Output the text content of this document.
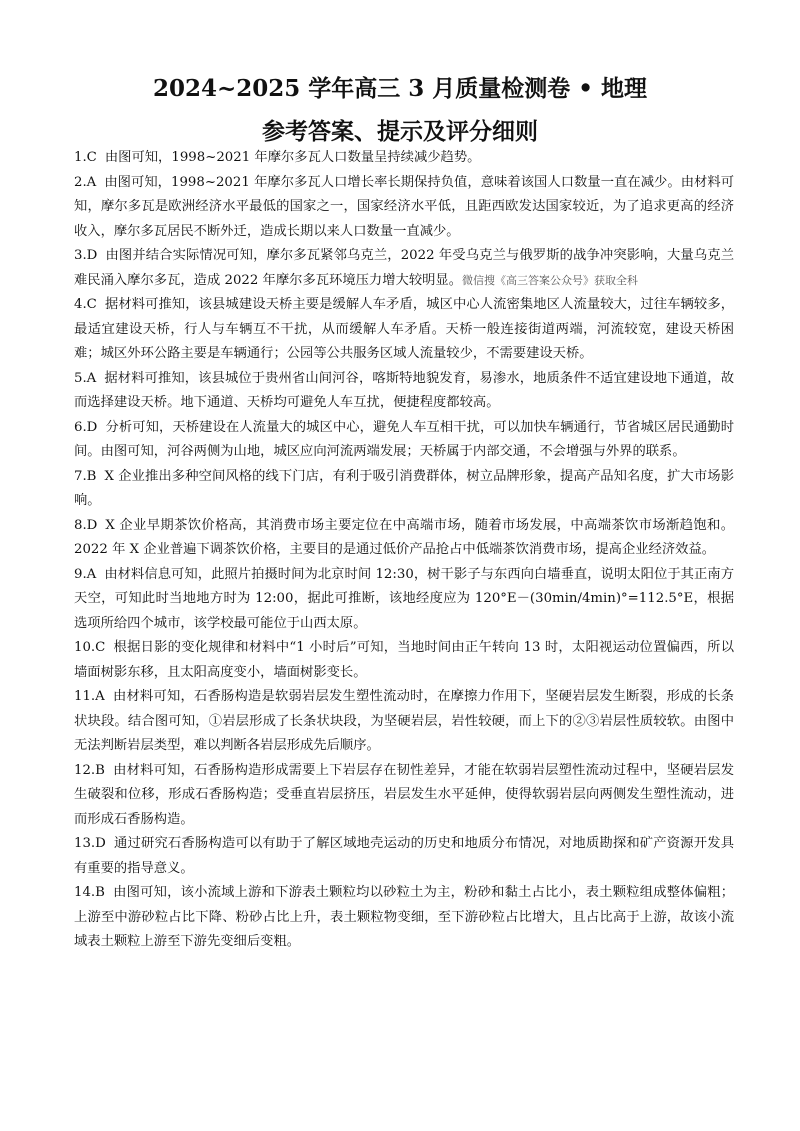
2024~2025 学年高三 3 月质量检测卷 • 地理
参考答案、提示及评分细则
1.C 由图可知，1998~2021 年摩尔多瓦人口数量呈持续减少趋势。
2.A 由图可知，1998~2021 年摩尔多瓦人口增长率长期保持负值，意味着该国人口数量一直在减少。由材料可知，摩尔多瓦是欧洲经济水平最低的国家之一，国家经济水平低，且距西欧发达国家较近，为了追求更高的经济收入，摩尔多瓦居民不断外迁，造成长期以来人口数量一直减少。
3.D 由图并结合实际情况可知，摩尔多瓦紧邻乌克兰，2022 年受乌克兰与俄罗斯的战争冲突影响，大量乌克兰难民涌入摩尔多瓦，造成 2022 年摩尔多瓦环境压力增大较明显。微信搜《高三答案公众号》获取全科
4.C 据材料可推知，该县城建设天桥主要是缓解人车矛盾，城区中心人流密集地区人流量较大，过往车辆较多，最适宜建设天桥，行人与车辆互不干扰，从而缓解人车矛盾。天桥一般连接街道两端，河流较宽，建设天桥困难；城区外环公路主要是车辆通行；公园等公共服务区域人流量较少，不需要建设天桥。
5.A 据材料可推知，该县城位于贵州省山间河谷，喀斯特地貌发育，易渗水，地质条件不适宜建设地下通道，故而选择建设天桥。地下通道、天桥均可避免人车互扰，便捷程度都较高。
6.D 分析可知，天桥建设在人流量大的城区中心，避免人车互相干扰，可以加快车辆通行，节省城区居民通勤时间。由图可知，河谷两侧为山地，城区应向河流两端发展；天桥属于内部交通，不会增强与外界的联系。
7.B X 企业推出多种空间风格的线下门店，有利于吸引消费群体，树立品牌形象，提高产品知名度，扩大市场影响。
8.D X 企业早期茶饮价格高，其消费市场主要定位在中高端市场，随着市场发展，中高端茶饮市场渐趋饱和。2022 年 X 企业普遍下调茶饮价格，主要目的是通过低价产品抢占中低端茶饮消费市场，提高企业经济效益。
9.A 由材料信息可知，此照片拍摄时间为北京时间 12:30，树干影子与东西向白墙垂直，说明太阳位于其正南方天空，可知此时当地地方时为 12:00，据此可推断，该地经度应为 120°E－(30min/4min)°=112.5°E，根据选项所给四个城市，该学校最可能位于山西太原。
10.C 根据日影的变化规律和材料中“1 小时后”可知，当地时间由正午转向 13 时，太阳视运动位置偏西，所以墙面树影东移，且太阳高度变小，墙面树影变长。
11.A 由材料可知，石香肠构造是软弱岩层发生塑性流动时，在摩擦力作用下，坚硬岩层发生断裂，形成的长条状块段。结合图可知，①岩层形成了长条状块段，为坚硬岩层，岩性较硬，而上下的②③岩层性质较软。由图中无法判断岩层类型，难以判断各岩层形成先后顺序。
12.B 由材料可知，石香肠构造形成需要上下岩层存在韧性差异，才能在软弱岩层塑性流动过程中，坚硬岩层发生破裂和位移，形成石香肠构造；受垂直岩层挤压，岩层发生水平延伸，使得软弱岩层向两侧发生塑性流动，进而形成石香肠构造。
13.D 通过研究石香肠构造可以有助于了解区域地壳运动的历史和地质分布情况，对地质勘探和矿产资源开发具有重要的指导意义。
14.B 由图可知，该小流域上游和下游表土颗粒均以砂粒土为主，粉砂和黏土占比小，表土颗粒组成整体偏粗；上游至中游砂粒占比下降、粉砂占比上升，表土颗粒物变细，至下游砂粒占比增大，且占比高于上游，故该小流域表土颗粒上游至下游先变细后变粗。
